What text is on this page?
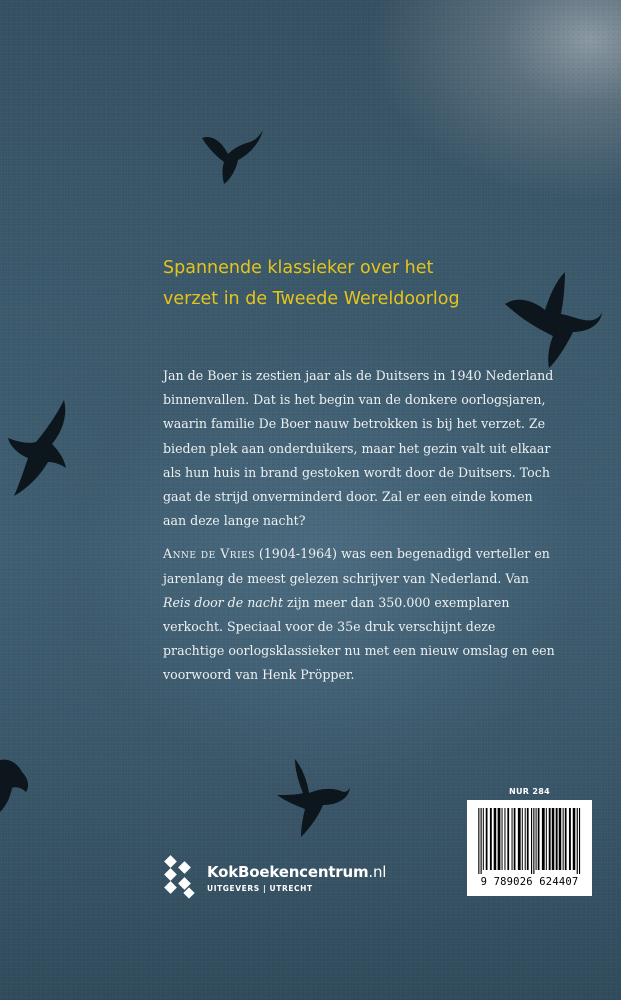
Spannende klassieker over het
verzet in de Tweede Wereldoorlog

Jan de Boer is zestien jaar als de Duitsers in 1940 Nederland binnenvallen. Dat is het begin van de donkere oorlogsjaren, waarin familie De Boer nauw betrokken is bij het verzet. Ze bieden plek aan onderduikers, maar het gezin valt uit elkaar als hun huis in brand gestoken wordt door de Duitsers. Toch gaat de strijd onverminderd door. Zal er een einde komen aan deze lange nacht?

Anne de Vries (1904-1964) was een begenadigd verteller en jarenlang de meest gelezen schrijver van Nederland. Van Reis door de nacht zijn meer dan 350.000 exemplaren verkocht. Speciaal voor de 35e druk verschijnt deze prachtige oorlogsklassieker nu met een nieuw omslag en een voorwoord van Henk Pröpper.

NUR 284
9 789026 624407
KokBoekencentrum.nl
UITGEVERS | UTRECHT
